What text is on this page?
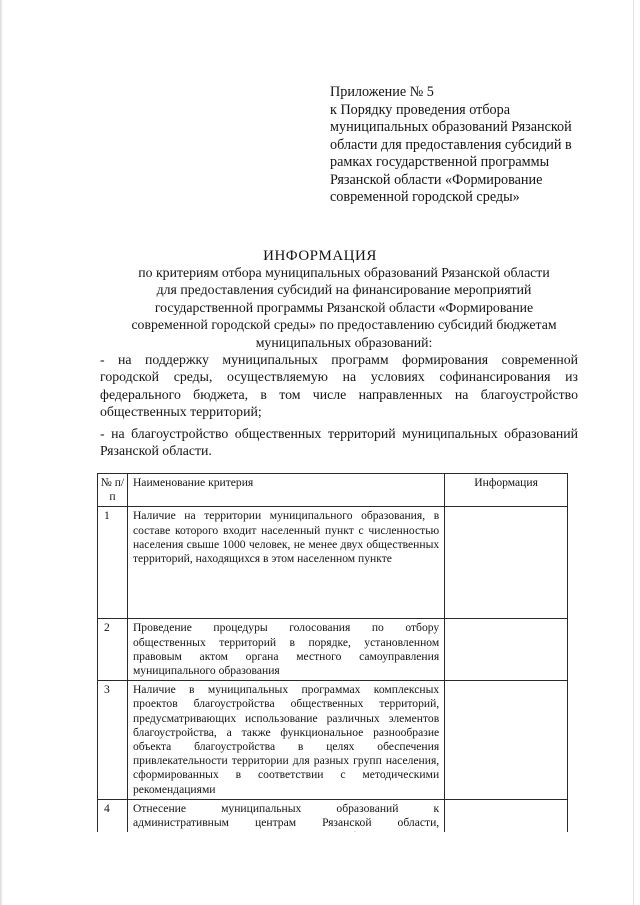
Приложение № 5
к Порядку проведения отбора
муниципальных образований Рязанской
области для предоставления субсидий в
рамках государственной программы
Рязанской области «Формирование
современной городской среды»
ИНФОРМАЦИЯ
по критериям отбора муниципальных образований Рязанской области
для предоставления субсидий на финансирование мероприятий
государственной программы Рязанской области «Формирование
современной городской среды» по предоставлению субсидий бюджетам
муниципальных образований:
- на поддержку муниципальных программ формирования современной городской среды, осуществляемую на условиях софинансирования из федерального бюджета, в том числе направленных на благоустройство общественных территорий;
- на благоустройство общественных территорий муниципальных образований Рязанской области.
№ п/п	Наименование критерия	Информация
1	Наличие на территории муниципального образования, в составе которого входит населенный пункт с численностью населения свыше 1000 человек, не менее двух общественных территорий, находящихся в этом населенном пункте	
2	Проведение процедуры голосования по отбору общественных территорий в порядке, установленном правовым актом органа местного самоуправления муниципального образования	
3	Наличие в муниципальных программах комплексных проектов благоустройства общественных территорий, предусматривающих использование различных элементов благоустройства, а также функциональное разнообразие объекта благоустройства в целях обеспечения привлекательности территории для разных групп населения, сформированных в соответствии с методическими рекомендациями	
4	Отнесение муниципальных образований к административным центрам Рязанской области,	
